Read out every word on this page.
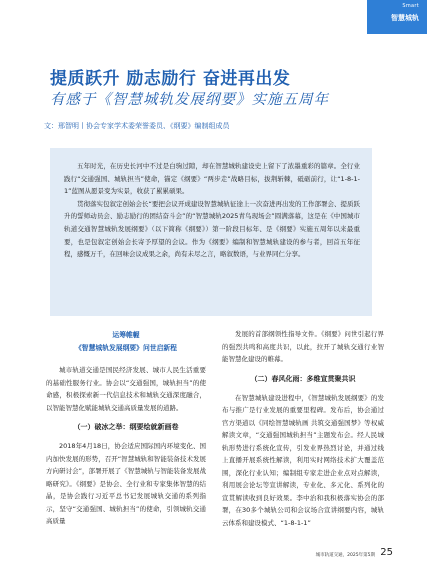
Smart
智慧城轨
提质跃升 励志励行 奋进再出发
有感于《智慧城轨发展纲要》实施五周年
文：邢智明丨协会专家学术委荣誉委员、《纲要》编制组成员

五年时光，在历史长河中不过是白驹过隙，却在智慧城轨建设史上留下了浓墨重彩的篇章。全行业践行“交通强国、城轨担当”使命，锚定《纲要》“两步走”战略目标，拔荆斩棘，砥砺前行，让“1-8-1-1”蓝图从愿景变为实景，收获了累累硕果。

贯彻落实包叙定创始会长“要把会议开成建设智慧城轨征途上一次奋进再出发的工作部署会、提质跃升的誓师动员会、励志励行的团结奋斗会”的“智慧城轨2025青鸟现场会”圆满落幕，这是在《中国城市轨道交通智慧城轨发展纲要》（以下简称《纲要》）第一阶段目标年、是《纲要》实施五周年以来最重要，也是包叙定创始会长寄予厚望的会议。作为《纲要》编制和智慧城轨建设的参与者，回首五年征程，感慨万千，在回味会议成果之余，尚有未尽之言，略叙数语，与业界同仁分享。

运筹帷幄
《智慧城轨发展纲要》问世启新程

城市轨道交通是国民经济发展、城市人民生活重要的基础性服务行业。协会以“交通强国，城轨担当”的使命感，积极探索新一代信息技术和城轨交通深度融合，以智能智慧化赋能城轨交通高质量发展的道路。

（一）破冰之举：纲要绘就新画卷

2018年4月18日，协会适应国际国内环境变化、国内加快发展的形势，召开“智慧城轨和智能装备技术发展方向研讨会”，部署开展了《智慧城轨与智能装备发展战略研究》。《纲要》是协会、全行业和专家集体智慧的结晶，是协会践行习近平总书记发展城轨交通的系列指示，坚守“交通强国、城轨担当”的使命，引领城轨交通高质量

发展的首部纲领性指导文件。《纲要》问世引起行界的强烈共鸣和高度共识，以此，拉开了城轨交通行业智能智慧化建设的帷幕。

（二）春风化雨：多维宣贯聚共识

在智慧城轨建设进程中，《智慧城轨发展纲要》的发布与推广是行业发展的重要里程碑。发布后，协会通过官方渠道以《同绘智慧城轨画 共筑交通强国梦》等权威解读文章，“交通强国城轨担当”主题发布会。经人民城轨形势进行系统化宣传，引发业界热烈讨论，并通过线上直播开展系统性解读，利用实时网络技术扩大覆盖范围，深化行业认知；编制组专家走进企业点对点解读，利用展会论坛等宣讲解读，专业化、多元化、系列化的宣贯解读收到良好效果。李中治和我积极落实协会的部署，在30多个城轨公司和会议场合宣讲纲要内容，城轨云体系和建设模式、“1-8-1-1”

城市轨道交通，2025年第5期 25
